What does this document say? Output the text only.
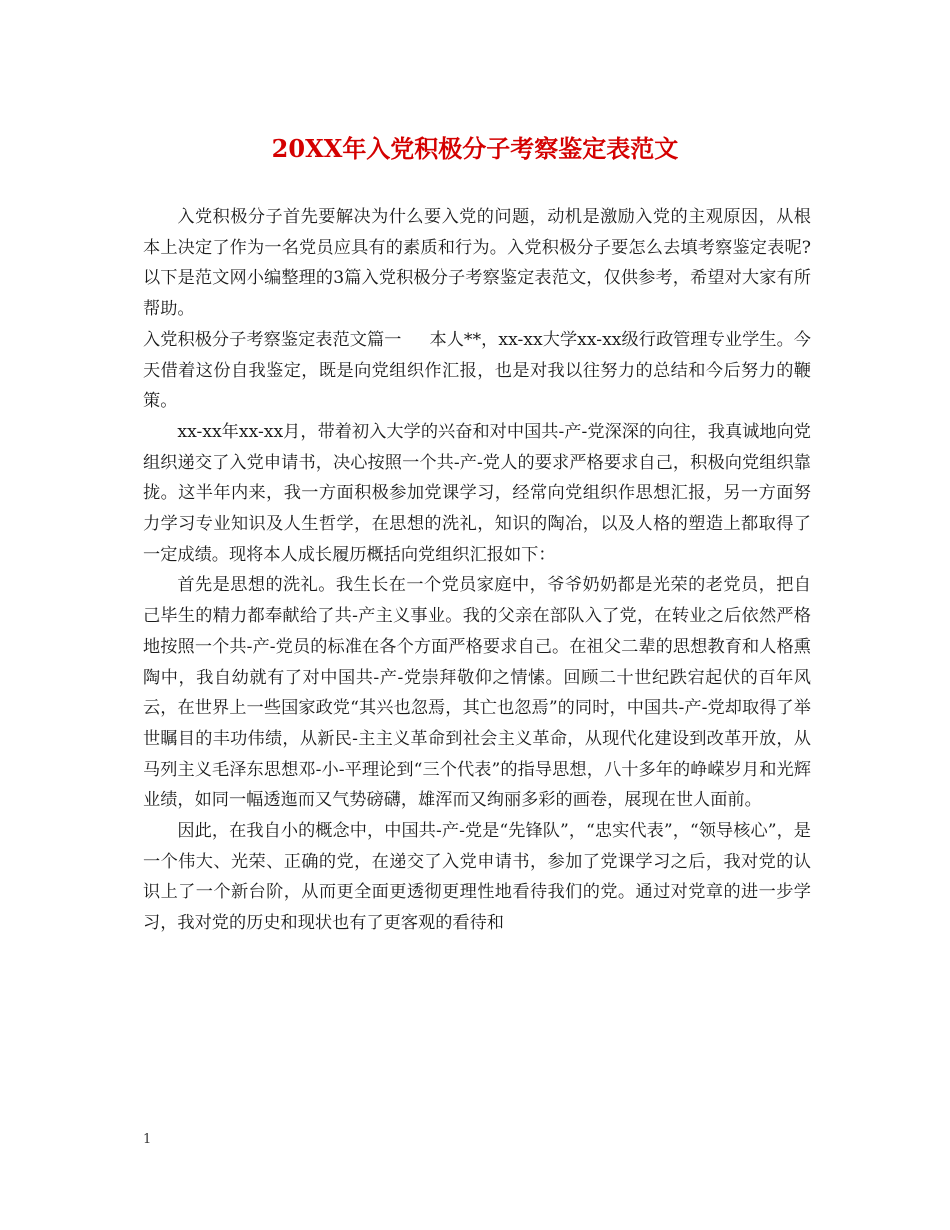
20XX年入党积极分子考察鉴定表范文

入党积极分子首先要解决为什么要入党的问题，动机是激励入党的主观原因，从根本上决定了作为一名党员应具有的素质和行为。入党积极分子要怎么去填考察鉴定表呢?以下是范文网小编整理的3篇入党积极分子考察鉴定表范文，仅供参考，希望对大家有所帮助。

入党积极分子考察鉴定表范文篇一 本人**，xx-xx大学xx-xx级行政管理专业学生。今天借着这份自我鉴定，既是向党组织作汇报，也是对我以往努力的总结和今后努力的鞭策。

xx-xx年xx-xx月，带着初入大学的兴奋和对中国共-产-党深深的向往，我真诚地向党组织递交了入党申请书，决心按照一个共-产-党人的要求严格要求自己，积极向党组织靠拢。这半年内来，我一方面积极参加党课学习，经常向党组织作思想汇报，另一方面努力学习专业知识及人生哲学，在思想的洗礼，知识的陶冶，以及人格的塑造上都取得了一定成绩。现将本人成长履历概括向党组织汇报如下：

首先是思想的洗礼。我生长在一个党员家庭中，爷爷奶奶都是光荣的老党员，把自己毕生的精力都奉献给了共-产主义事业。我的父亲在部队入了党，在转业之后依然严格地按照一个共-产-党员的标准在各个方面严格要求自己。在祖父二辈的思想教育和人格熏陶中，我自幼就有了对中国共-产-党崇拜敬仰之情愫。回顾二十世纪跌宕起伏的百年风云，在世界上一些国家政党“其兴也忽焉，其亡也忽焉”的同时，中国共-产-党却取得了举世瞩目的丰功伟绩，从新民-主主义革命到社会主义革命，从现代化建设到改革开放，从马列主义毛泽东思想邓-小-平理论到“三个代表”的指导思想，八十多年的峥嵘岁月和光辉业绩，如同一幅透迤而又气势磅礴，雄浑而又绚丽多彩的画卷，展现在世人面前。

因此，在我自小的概念中，中国共-产-党是“先锋队”，“忠实代表”，“领导核心”，是一个伟大、光荣、正确的党，在递交了入党申请书，参加了党课学习之后，我对党的认识上了一个新台阶，从而更全面更透彻更理性地看待我们的党。通过对党章的进一步学习，我对党的历史和现状也有了更客观的看待和

1
